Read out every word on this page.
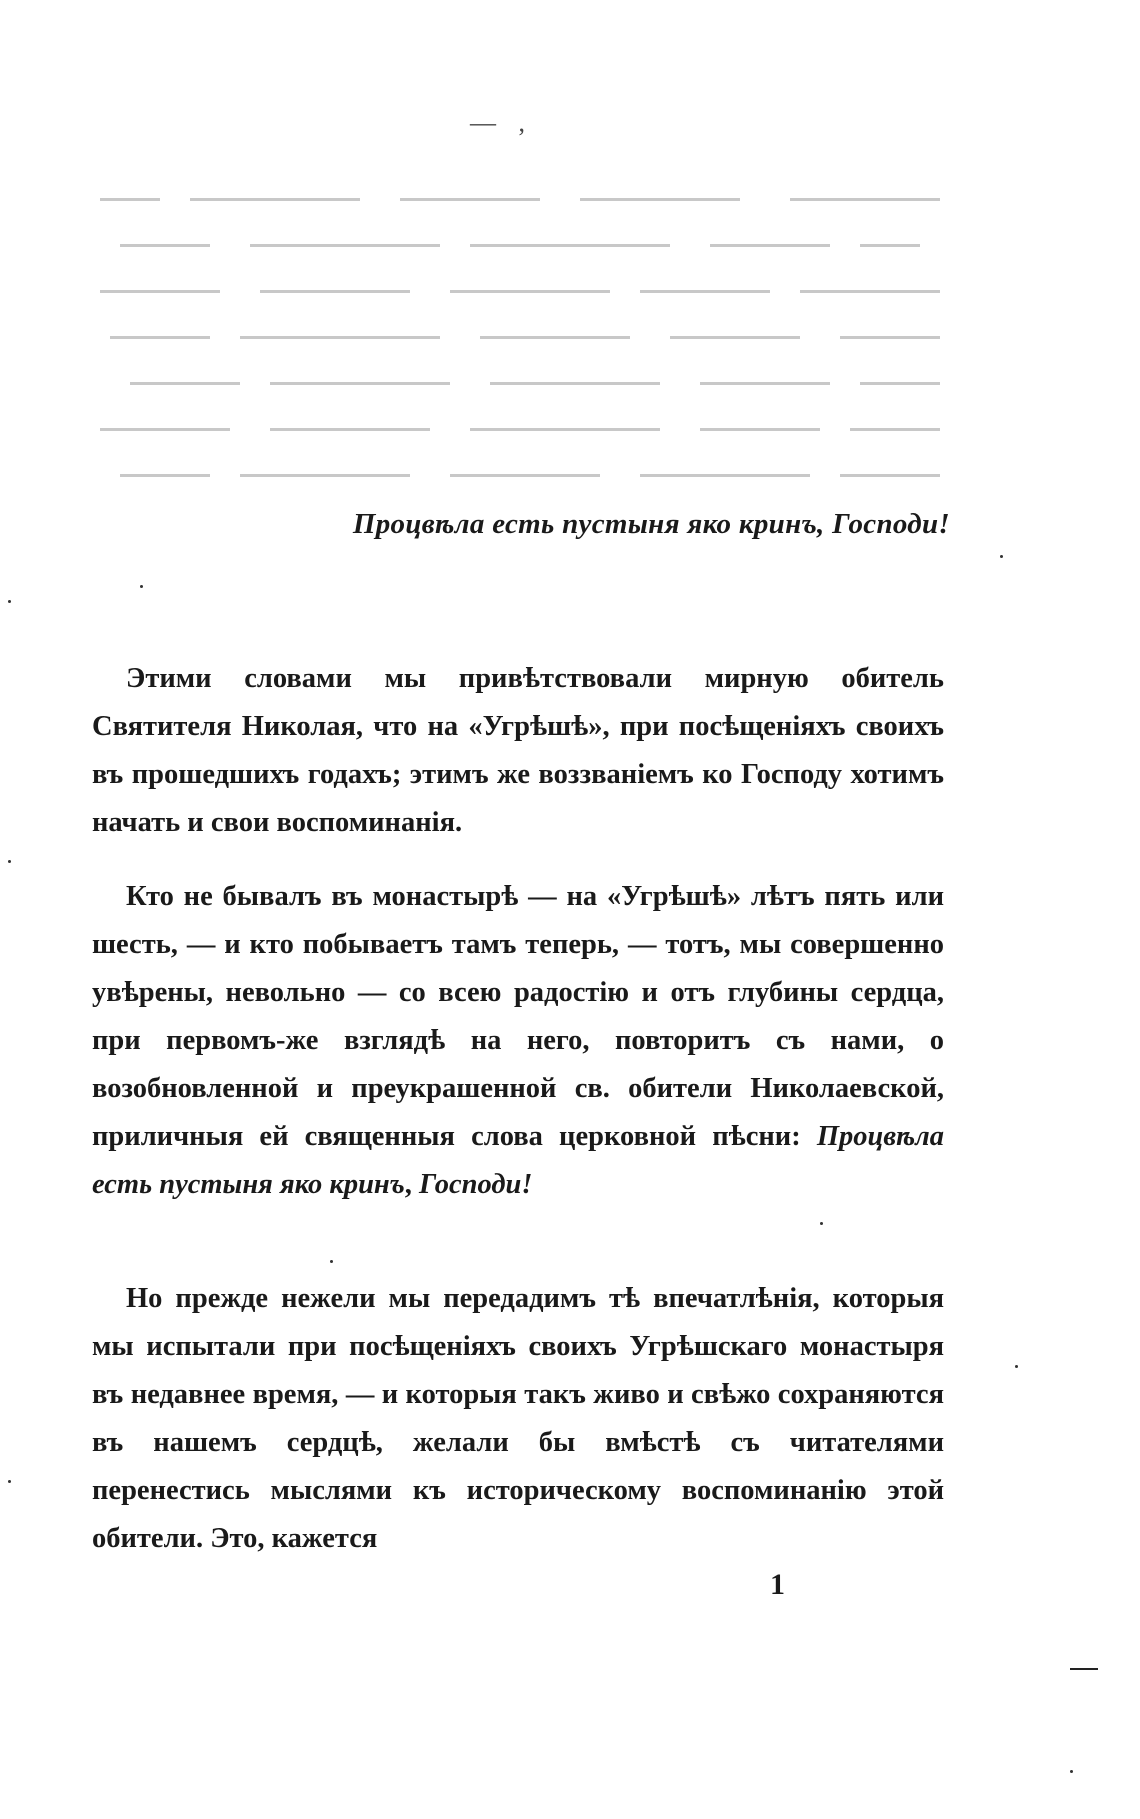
— ,
Процвѣла есть пустыня яко кринъ, Господи!

Этими словами мы привѣтствовали мирную обитель Святителя Николая, что на «Угрѣшѣ», при посѣщеніяхъ своихъ въ прошедшихъ годахъ; этимъ же воззваніемъ ко Господу хотимъ начать и свои воспоминанія.

Кто не бывалъ въ монастырѣ — на «Угрѣшѣ» лѣтъ пять или шесть, — и кто побываетъ тамъ теперь, — тотъ, мы совершенно увѣрены, невольно — со всею радостію и отъ глубины сердца, при первомъ-же взглядѣ на него, повторитъ съ нами, о возобновленной и преукрашенной св. обители Николаевской, приличныя ей священныя слова церковной пѣсни: Процвѣла есть пустыня яко кринъ, Господи!

Но прежде нежели мы передадимъ тѣ впечатлѣнія, которыя мы испытали при посѣщеніяхъ своихъ Угрѣшскаго монастыря въ недавнее время, — и которыя такъ живо и свѣжо сохраняются въ нашемъ сердцѣ, желали бы вмѣстѣ съ читателями перенестись мыслями къ историческому воспоминанію этой обители. Это, кажется

1
